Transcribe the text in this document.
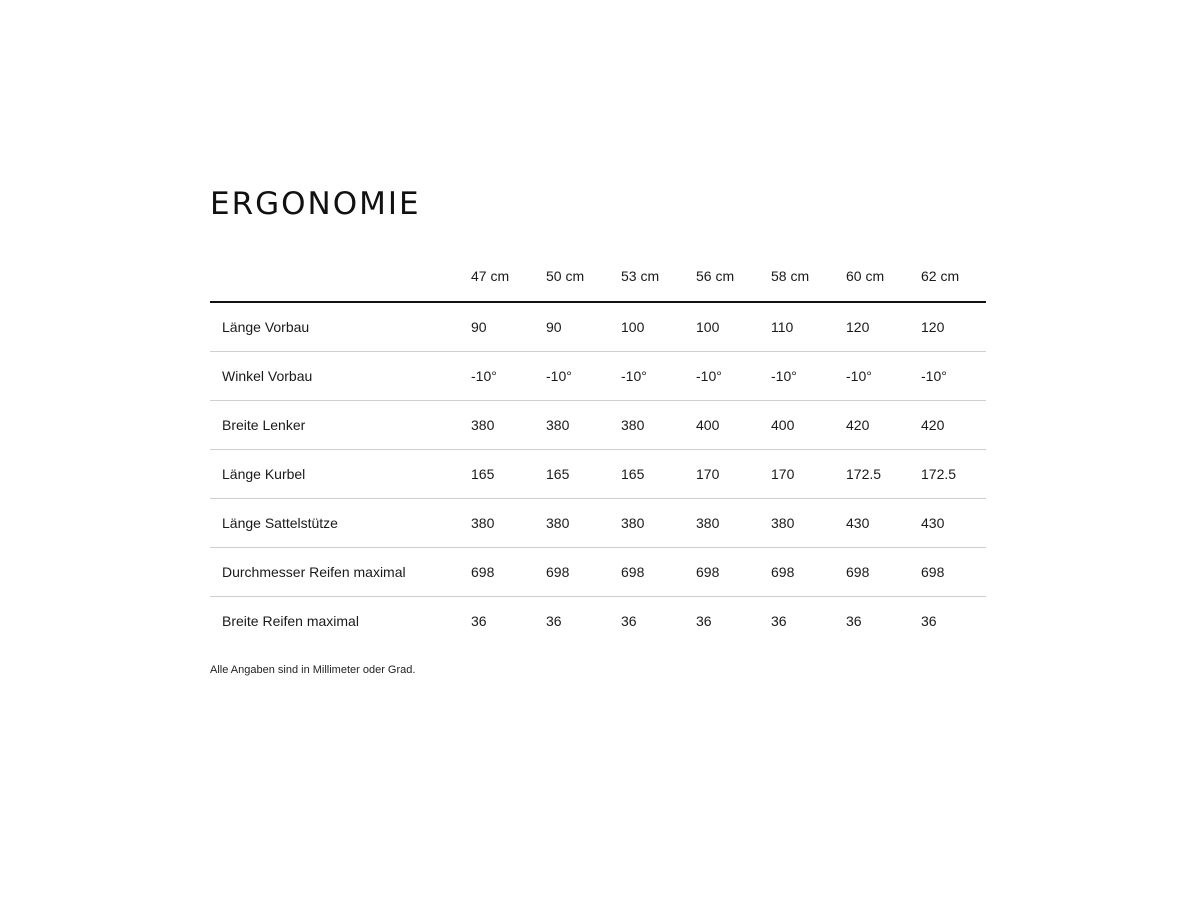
ERGONOMIE
	47 cm	50 cm	53 cm	56 cm	58 cm	60 cm	62 cm
Länge Vorbau	90	90	100	100	110	120	120
Winkel Vorbau	-10°	-10°	-10°	-10°	-10°	-10°	-10°
Breite Lenker	380	380	380	400	400	420	420
Länge Kurbel	165	165	165	170	170	172.5	172.5
Länge Sattelstütze	380	380	380	380	380	430	430
Durchmesser Reifen maximal	698	698	698	698	698	698	698
Breite Reifen maximal	36	36	36	36	36	36	36

Alle Angaben sind in Millimeter oder Grad.
